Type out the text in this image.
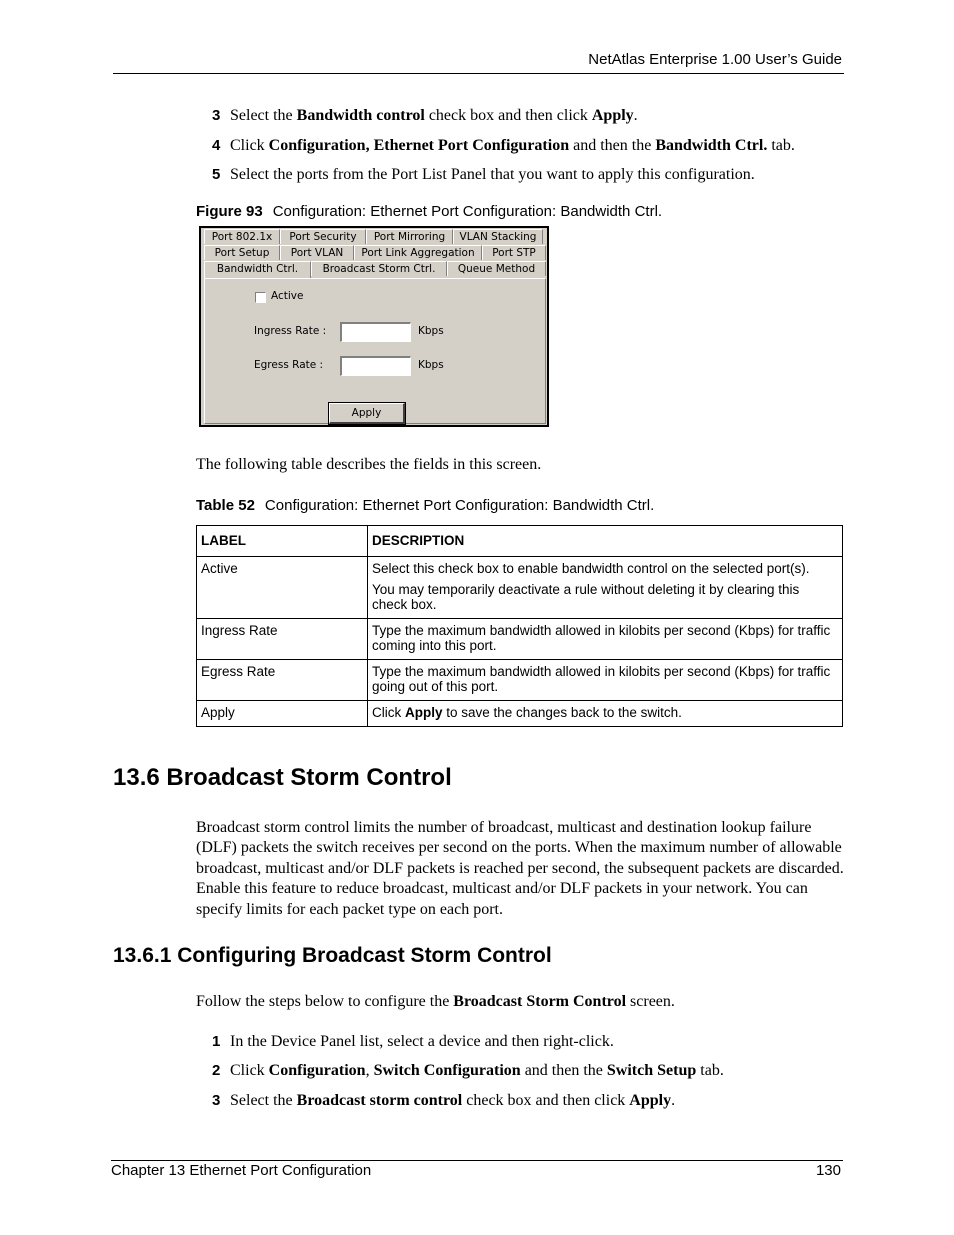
NetAtlas Enterprise 1.00 User’s Guide
3 Select the Bandwidth control check box and then click Apply.
4 Click Configuration, Ethernet Port Configuration and then the Bandwidth Ctrl. tab.
5 Select the ports from the Port List Panel that you want to apply this configuration.
Figure 93 Configuration: Ethernet Port Configuration: Bandwidth Ctrl.
Port 802.1x	Port Security	Port Mirroring	VLAN Stacking
Port Setup	Port VLAN	Port Link Aggregation	Port STP
Bandwidth Ctrl.	Broadcast Storm Ctrl.	Queue Method
Active
Ingress Rate :	Kbps
Egress Rate :	Kbps
Apply
The following table describes the fields in this screen.
Table 52 Configuration: Ethernet Port Configuration: Bandwidth Ctrl.
LABEL	DESCRIPTION
Active	Select this check box to enable bandwidth control on the selected port(s).

You may temporarily deactivate a rule without deleting it by clearing this check box.

Ingress Rate	Type the maximum bandwidth allowed in kilobits per second (Kbps) for traffic coming into this port.

Egress Rate	Type the maximum bandwidth allowed in kilobits per second (Kbps) for traffic going out of this port.

Apply	Click Apply to save the changes back to the switch.

13.6 Broadcast Storm Control
Broadcast storm control limits the number of broadcast, multicast and destination lookup failure (DLF) packets the switch receives per second on the ports. When the maximum number of allowable broadcast, multicast and/or DLF packets is reached per second, the subsequent packets are discarded. Enable this feature to reduce broadcast, multicast and/or DLF packets in your network. You can specify limits for each packet type on each port.
13.6.1 Configuring Broadcast Storm Control
Follow the steps below to configure the Broadcast Storm Control screen.
1 In the Device Panel list, select a device and then right-click.
2 Click Configuration, Switch Configuration and then the Switch Setup tab.
3 Select the Broadcast storm control check box and then click Apply.
Chapter 13 Ethernet Port Configuration	130
